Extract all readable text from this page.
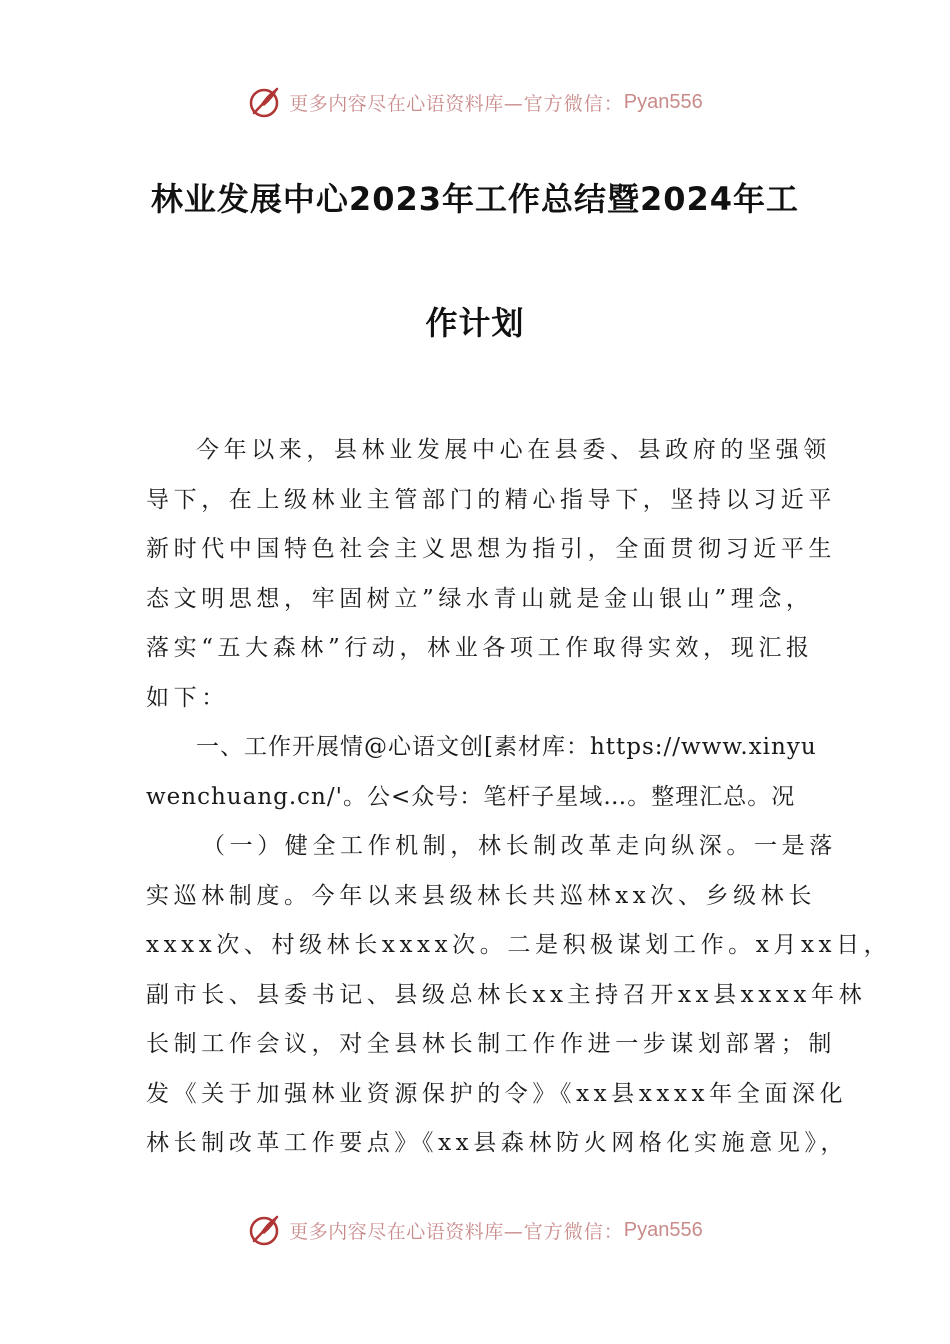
更多内容尽在心语资料库 —官方微信： Pyan556
林业发展中心2023年工作总结暨2024年工
作计划
今年以来，县林业发展中心在县委、县政府的坚强领
导下，在上级林业主管部门的精心指导下，坚持以习近平
新时代中国特色社会主义思想为指引，全面贯彻习近平生
态文明思想，牢固树立”绿水青山就是金山银山”理念，
落实“五大森林”行动，林业各项工作取得实效，现汇报
如下：
一、工作开展情@心语文创[素材库：https://www.xinyu
wenchuang.cn/'。公<众号：笔杆子星域…。整理汇总。况
（一）健全工作机制，林长制改革走向纵深。一是落
实巡林制度。今年以来县级林长共巡林xx次、乡级林长
xxxx次、村级林长xxxx次。二是积极谋划工作。x月xx日，
副市长、县委书记、县级总林长xx主持召开xx县xxxx年林
长制工作会议，对全县林长制工作作进一步谋划部署；制
发《关于加强林业资源保护的令》《xx县xxxx年全面深化
林长制改革工作要点》《xx县森林防火网格化实施意见》，
更多内容尽在心语资料库 —官方微信： Pyan556
